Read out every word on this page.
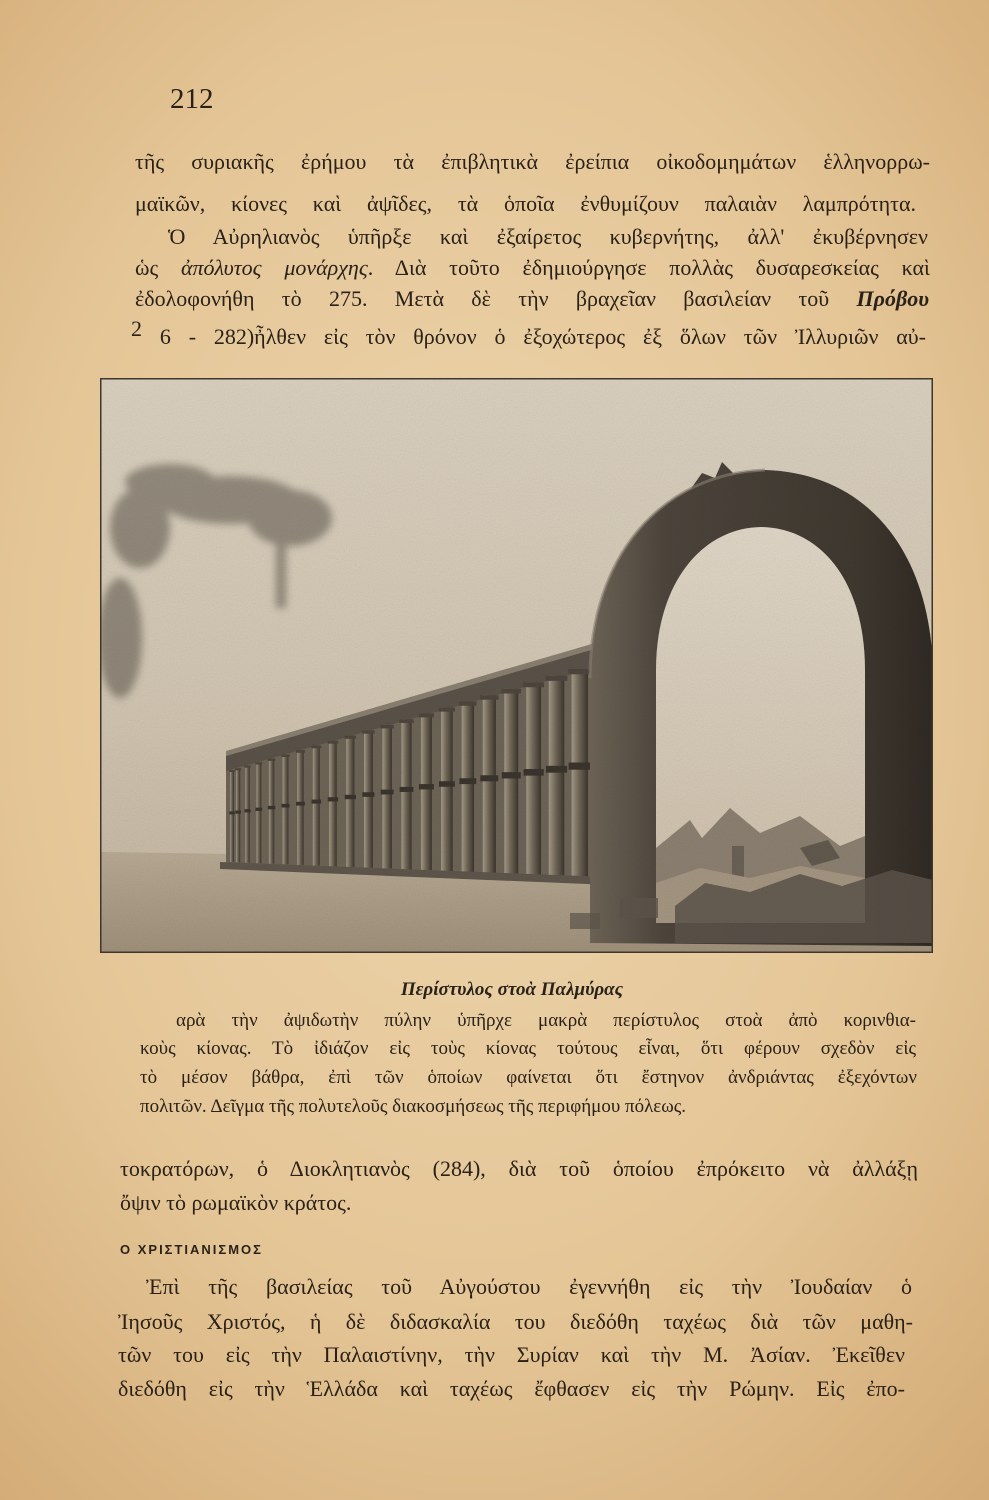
212
τῆς συριακῆς ἐρήμου τὰ ἐπιβλητικὰ ἐρείπια οἰκοδομημάτων ἑλληνορρω-
μαϊκῶν, κίονες καὶ ἀψῖδες, τὰ ὁποῖα ἐνθυμίζουν παλαιὰν λαμπρότητα.
Ὁ Αὐρηλιανὸς ὑπῆρξε καὶ ἐξαίρετος κυβερνήτης, ἀλλ' ἐκυβέρνησεν
ὡς ἀπόλυτος μονάρχης. Διὰ τοῦτο ἐδημιούργησε πολλὰς δυσαρεσκείας καὶ
ἐδολοφονήθη τὸ 275. Μετὰ δὲ τὴν βραχεῖαν βασιλείαν τοῦ Πρόβου
2 6 - 282)ἦλθεν εἰς τὸν θρόνον ὁ ἐξοχώτερος ἐξ ὅλων τῶν Ἰλλυριῶν αὐ-
Περίστυλος στοὰ Παλμύρας
αρὰ τὴν ἀψιδωτὴν πύλην ὑπῆρχε μακρὰ περίστυλος στοὰ ἀπὸ κορινθια-
κοὺς κίονας. Τὸ ἰδιάζον εἰς τοὺς κίονας τούτους εἶναι, ὅτι φέρουν σχεδὸν εἰς
τὸ μέσον βάθρα, ἐπὶ τῶν ὁποίων φαίνεται ὅτι ἔστηνον ἀνδριάντας ἐξεχόντων
πολιτῶν. Δεῖγμα τῆς πολυτελοῦς διακοσμήσεως τῆς περιφήμου πόλεως.
τοκρατόρων, ὁ Διοκλητιανὸς (284), διὰ τοῦ ὁποίου ἐπρόκειτο νὰ ἀλλάξῃ
ὄψιν τὸ ρωμαϊκὸν κράτος.
Ο ΧΡΙΣΤΙΑΝΙΣΜΟΣ
Ἐπὶ τῆς βασιλείας τοῦ Αὐγούστου ἐγεννήθη εἰς τὴν Ἰουδαίαν ὁ
Ἰησοῦς Χριστός, ἡ δὲ διδασκαλία του διεδόθη ταχέως διὰ τῶν μαθη-
τῶν του εἰς τὴν Παλαιστίνην, τὴν Συρίαν καὶ τὴν Μ. Ἀσίαν. Ἐκεῖθεν
διεδόθη εἰς τὴν Ἑλλάδα καὶ ταχέως ἔφθασεν εἰς τὴν Ρώμην. Εἰς ἐπο-
